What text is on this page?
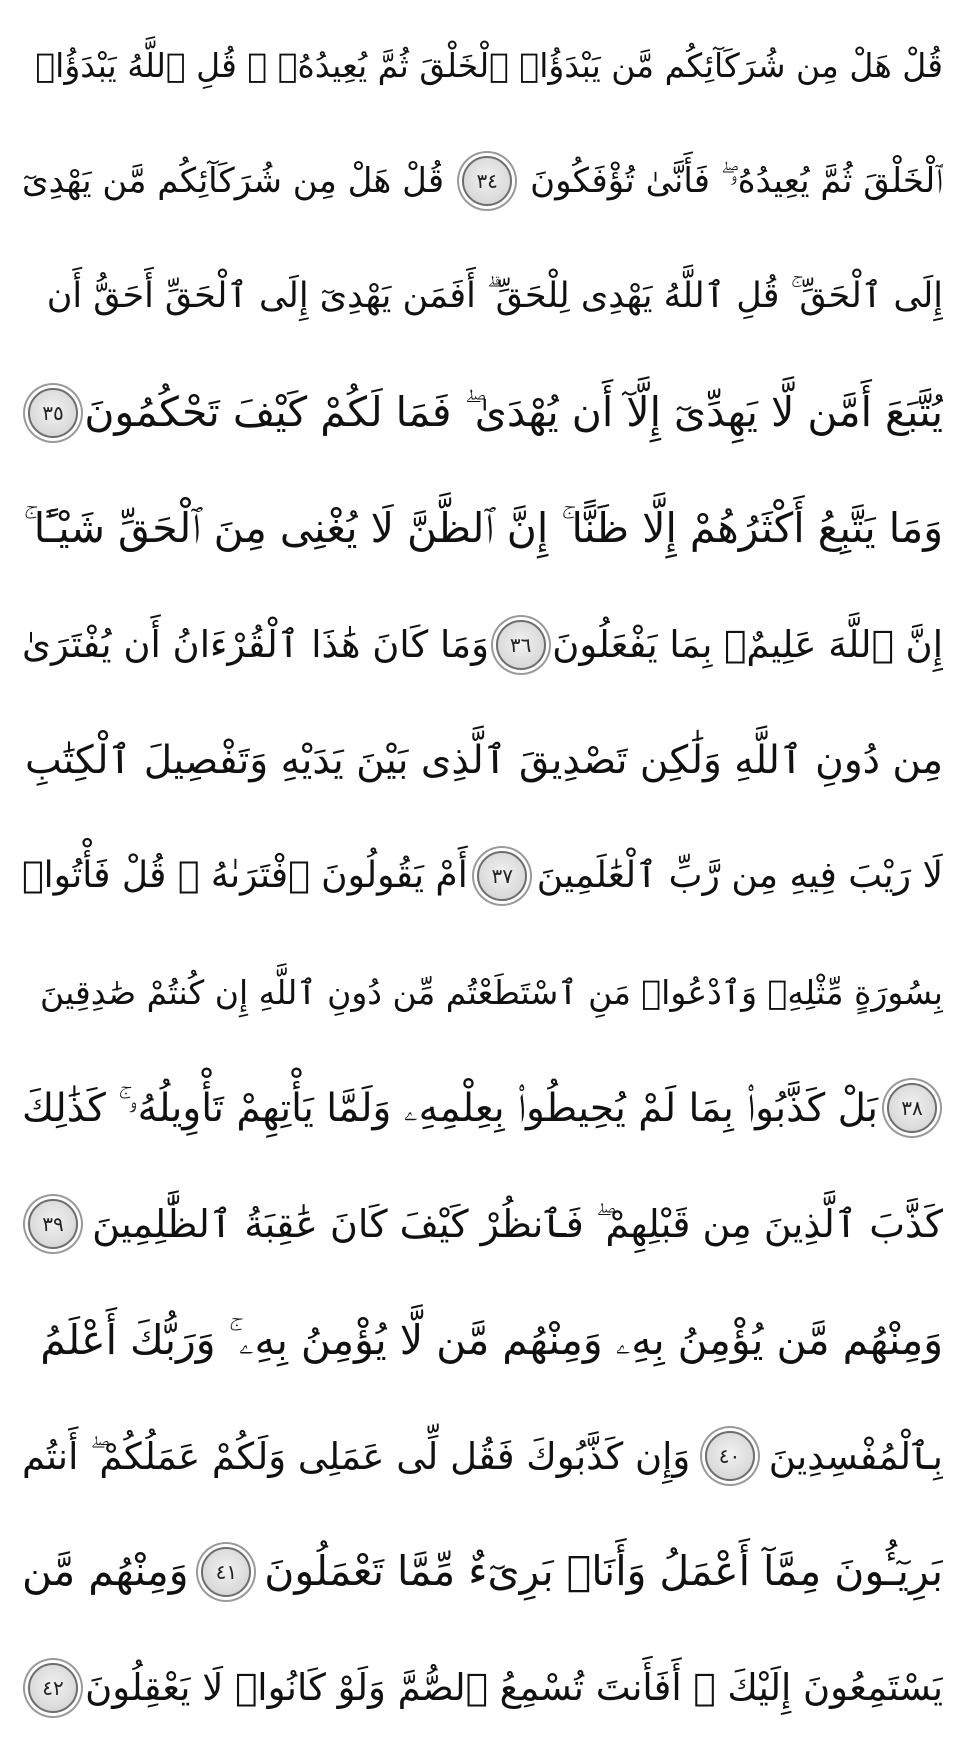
قُلْ هَلْ مِن شُرَكَآئِكُم مَّن يَبْدَؤُا۟ ٱلْخَلْقَ ثُمَّ يُعِيدُهُۥ ۚ قُلِ ٱللَّهُ يَبْدَؤُا۟
ٱلْخَلْقَ ثُمَّ يُعِيدُهُۥ ۖ فَأَنَّىٰ تُؤْفَكُونَ
٣٤
قُلْ هَلْ مِن شُرَكَآئِكُم مَّن يَهْدِىٓ
إِلَى ٱلْحَقِّ ۚ قُلِ ٱللَّهُ يَهْدِى لِلْحَقِّ ۗ أَفَمَن يَهْدِىٓ إِلَى ٱلْحَقِّ أَحَقُّ أَن
يُتَّبَعَ أَمَّن لَّا يَهِدِّىٓ إِلَّآ أَن يُهْدَىٰ ۖ فَمَا لَكُمْ كَيْفَ تَحْكُمُونَ
٣٥
وَمَا يَتَّبِعُ أَكْثَرُهُمْ إِلَّا ظَنًّا ۚ إِنَّ ٱلظَّنَّ لَا يُغْنِى مِنَ ٱلْحَقِّ شَيْـًٔا ۚ
إِنَّ ٱللَّهَ عَلِيمٌۢ بِمَا يَفْعَلُونَ
٣٦
وَمَا كَانَ هَٰذَا ٱلْقُرْءَانُ أَن يُفْتَرَىٰ
مِن دُونِ ٱللَّهِ وَلَٰكِن تَصْدِيقَ ٱلَّذِى بَيْنَ يَدَيْهِ وَتَفْصِيلَ ٱلْكِتَٰبِ
لَا رَيْبَ فِيهِ مِن رَّبِّ ٱلْعَٰلَمِينَ
٣٧
أَمْ يَقُولُونَ ٱفْتَرَىٰهُ ۖ قُلْ فَأْتُوا۟
بِسُورَةٍ مِّثْلِهِۦ وَٱدْعُوا۟ مَنِ ٱسْتَطَعْتُم مِّن دُونِ ٱللَّهِ إِن كُنتُمْ صَٰدِقِينَ
٣٨
بَلْ كَذَّبُوا۟ بِمَا لَمْ يُحِيطُوا۟ بِعِلْمِهِۦ وَلَمَّا يَأْتِهِمْ تَأْوِيلُهُۥ ۚ كَذَٰلِكَ
كَذَّبَ ٱلَّذِينَ مِن قَبْلِهِمْ ۖ فَٱنظُرْ كَيْفَ كَانَ عَٰقِبَةُ ٱلظَّٰلِمِينَ
٣٩
وَمِنْهُم مَّن يُؤْمِنُ بِهِۦ وَمِنْهُم مَّن لَّا يُؤْمِنُ بِهِۦ ۚ وَرَبُّكَ أَعْلَمُ
بِٱلْمُفْسِدِينَ
٤٠
وَإِن كَذَّبُوكَ فَقُل لِّى عَمَلِى وَلَكُمْ عَمَلُكُمْ ۖ أَنتُم
بَرِيٓـُٔونَ مِمَّآ أَعْمَلُ وَأَنَا۠ بَرِىٓءٌ مِّمَّا تَعْمَلُونَ
٤١
وَمِنْهُم مَّن
يَسْتَمِعُونَ إِلَيْكَ ۚ أَفَأَنتَ تُسْمِعُ ٱلصُّمَّ وَلَوْ كَانُوا۟ لَا يَعْقِلُونَ
٤٢
